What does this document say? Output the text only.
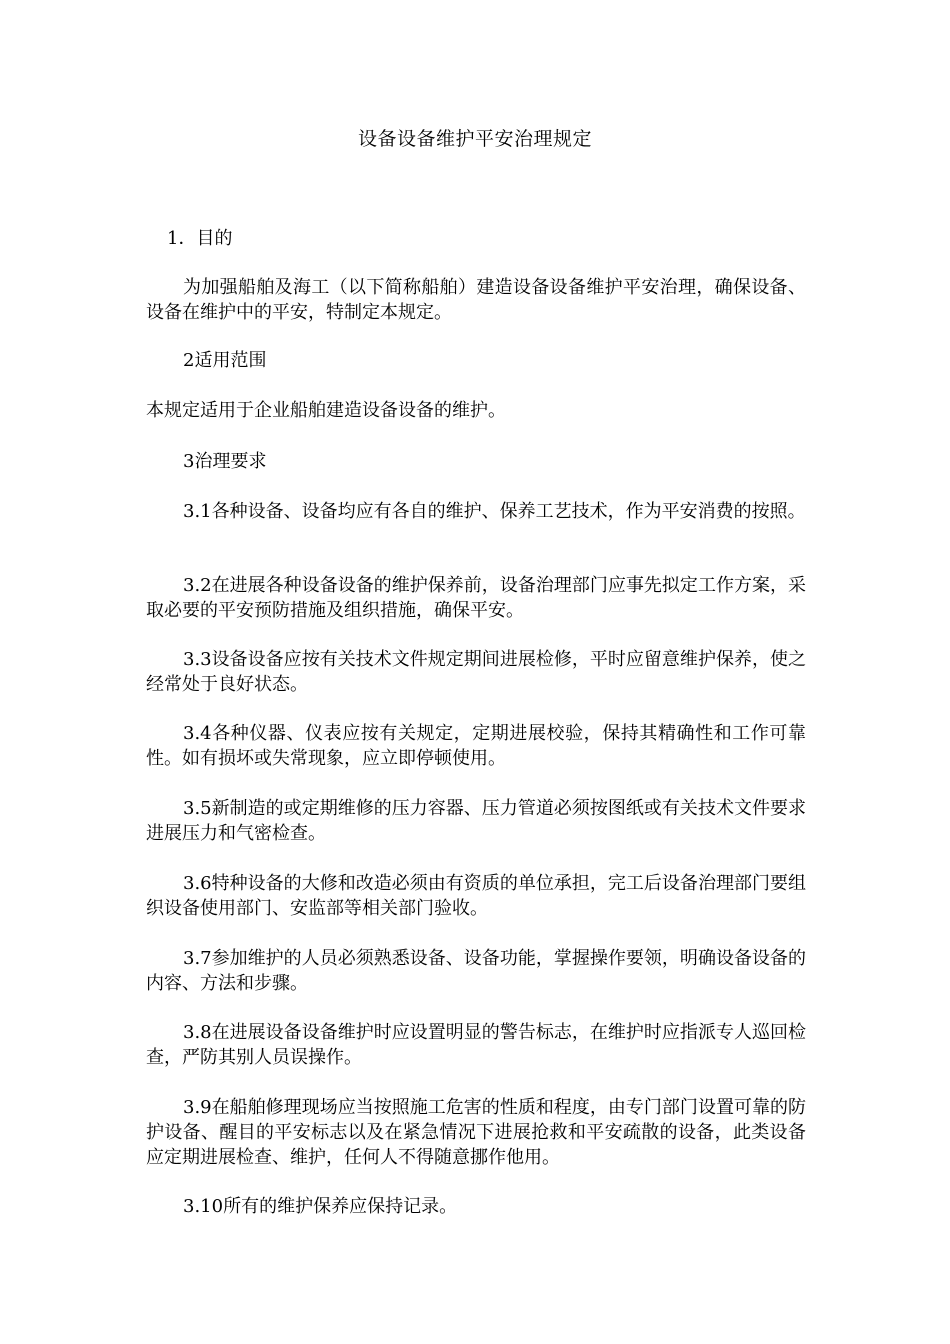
设备设备维护平安治理规定
1．目的

为加强船舶及海工（以下简称船舶）建造设备设备维护平安治理，确保设备、设备在维护中的平安，特制定本规定。

2适用范围

本规定适用于企业船舶建造设备设备的维护。

3治理要求

3.1各种设备、设备均应有各自的维护、保养工艺技术，作为平安消费的按照。

3.2在进展各种设备设备的维护保养前，设备治理部门应事先拟定工作方案，采取必要的平安预防措施及组织措施，确保平安。

3.3设备设备应按有关技术文件规定期间进展检修，平时应留意维护保养，使之经常处于良好状态。

3.4各种仪器、仪表应按有关规定，定期进展校验，保持其精确性和工作可靠性。如有损坏或失常现象，应立即停顿使用。

3.5新制造的或定期维修的压力容器、压力管道必须按图纸或有关技术文件要求进展压力和气密检查。

3.6特种设备的大修和改造必须由有资质的单位承担，完工后设备治理部门要组织设备使用部门、安监部等相关部门验收。

3.7参加维护的人员必须熟悉设备、设备功能，掌握操作要领，明确设备设备的内容、方法和步骤。

3.8在进展设备设备维护时应设置明显的警告标志，在维护时应指派专人巡回检查，严防其别人员误操作。

3.9在船舶修理现场应当按照施工危害的性质和程度，由专门部门设置可靠的防护设备、醒目的平安标志以及在紧急情况下进展抢救和平安疏散的设备，此类设备应定期进展检查、维护，任何人不得随意挪作他用。

3.10所有的维护保养应保持记录。
